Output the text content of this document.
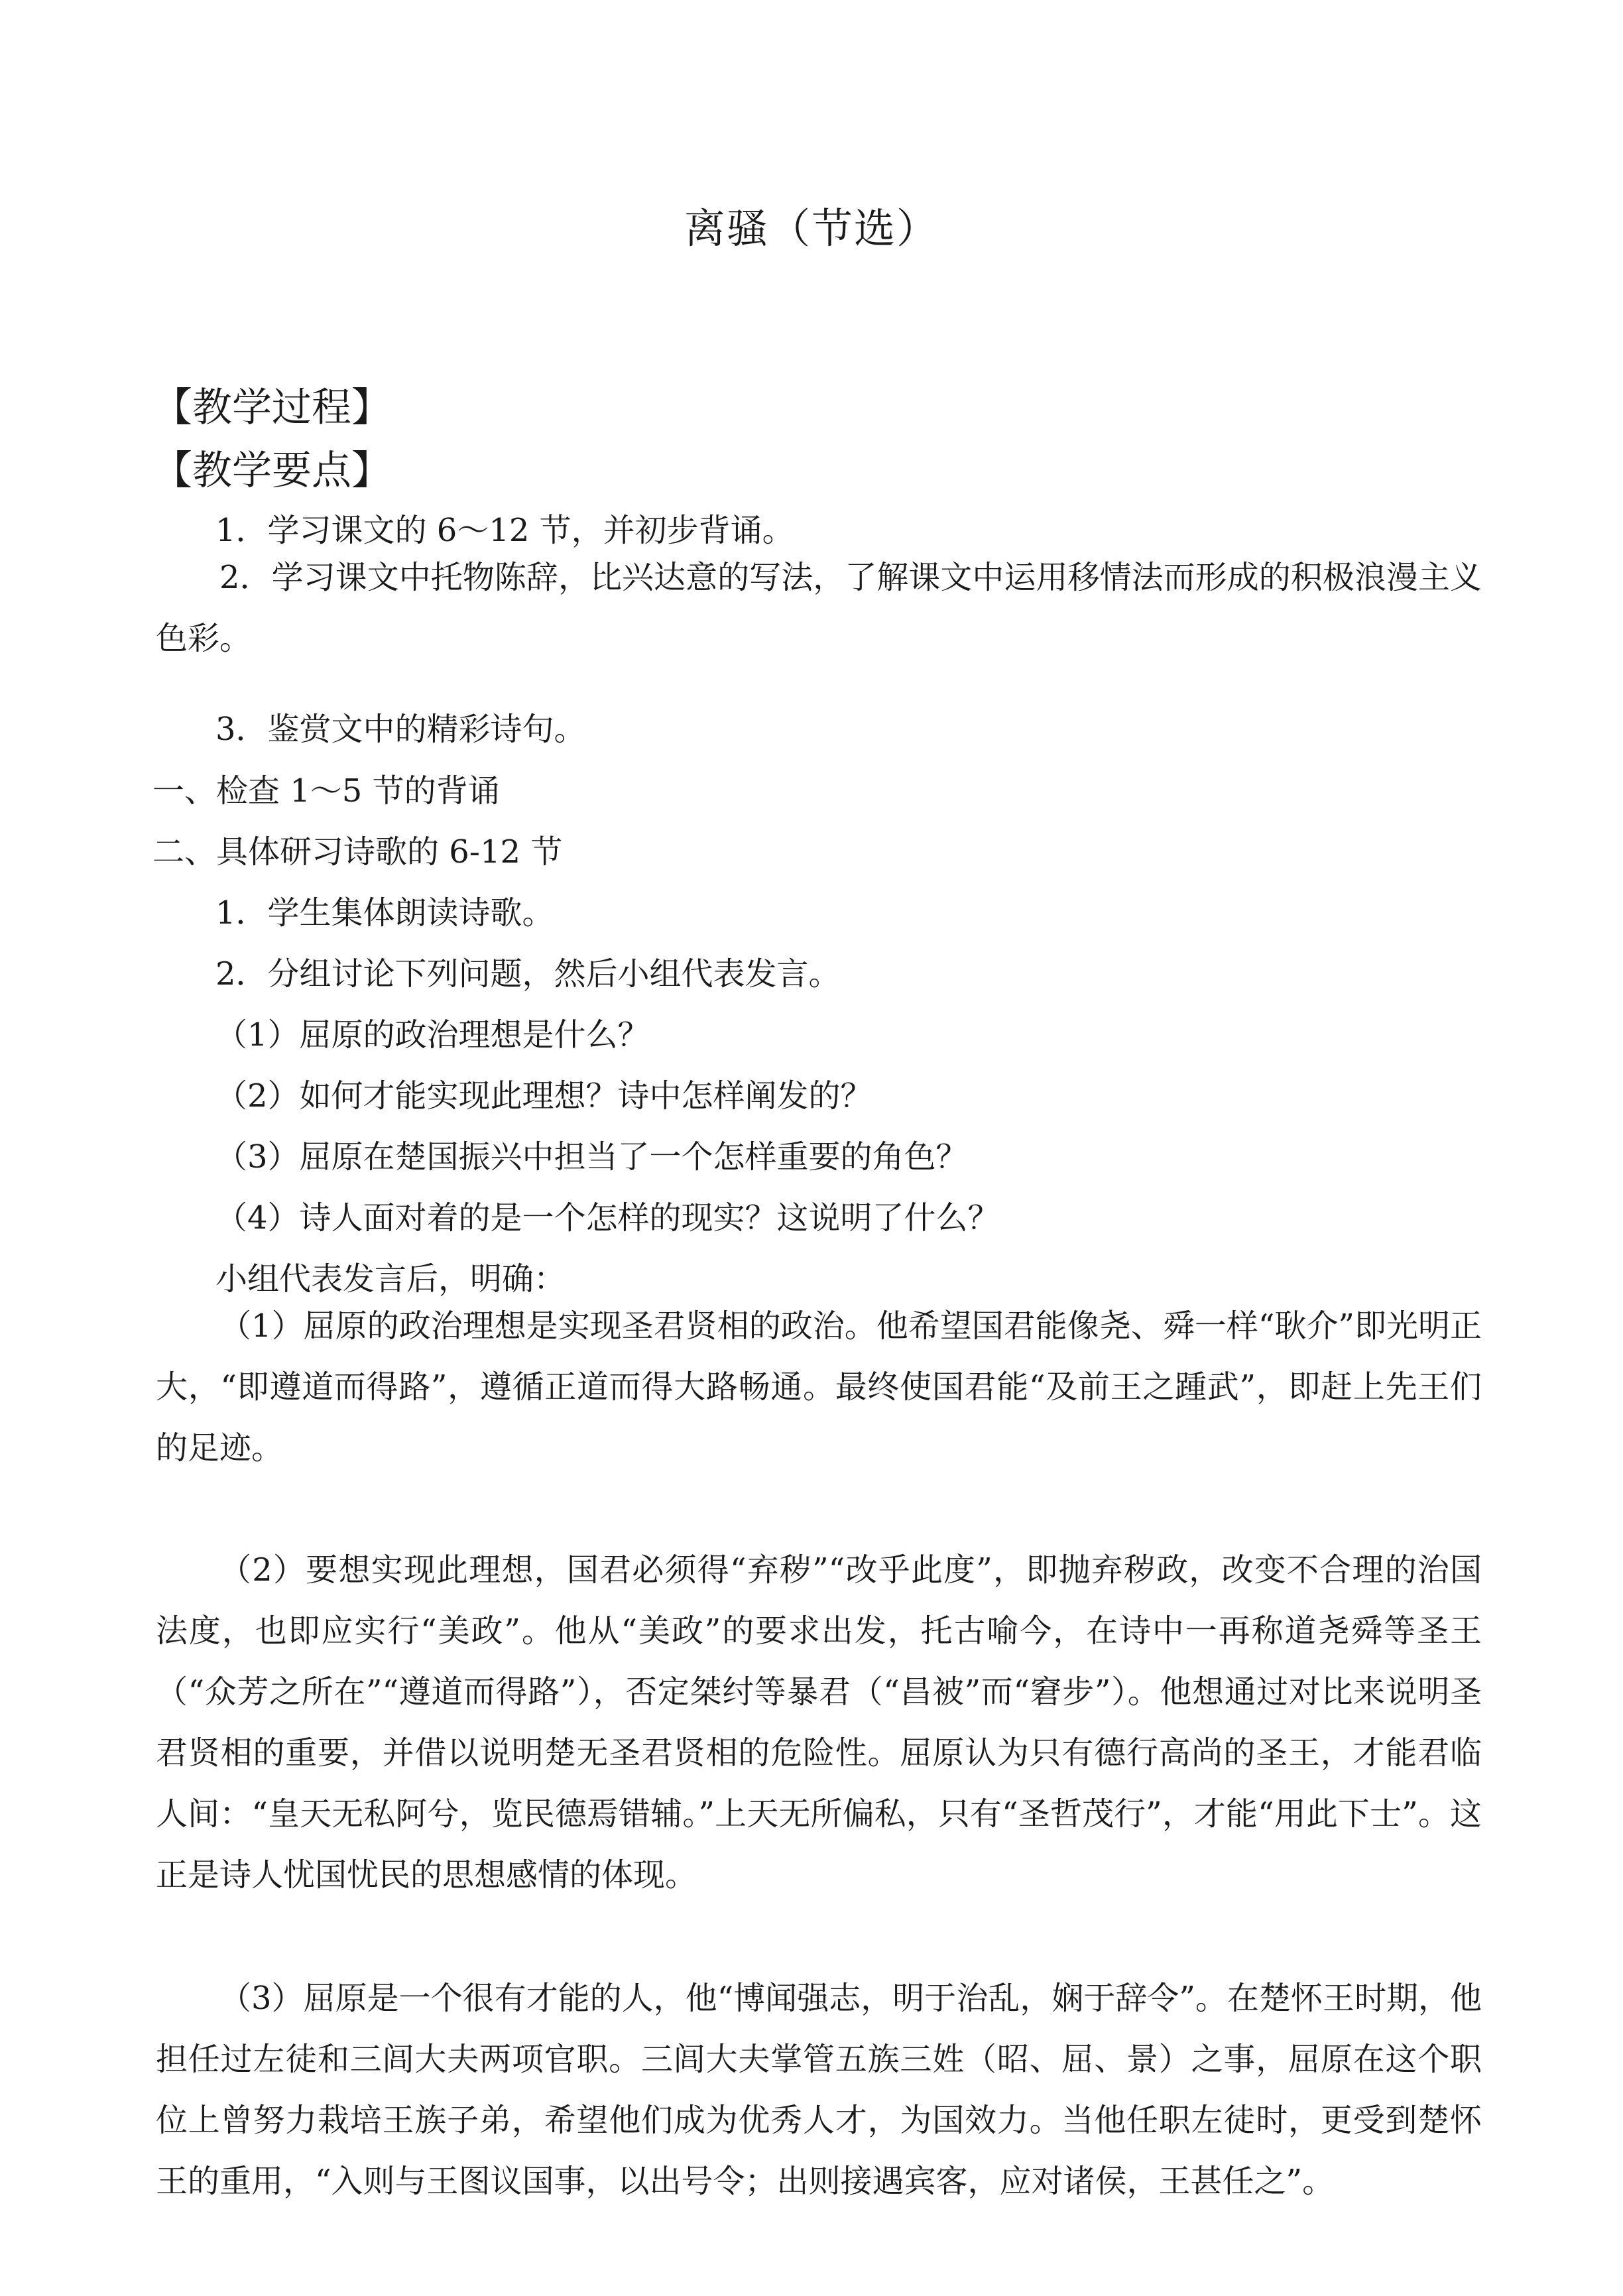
离骚（节选）
【教学过程】
【教学要点】
1．学习课文的 6～12 节，并初步背诵。
2．学习课文中托物陈辞，比兴达意的写法，了解课文中运用移情法而形成的积极浪漫主义色彩。
3．鉴赏文中的精彩诗句。
一、检查 1～5 节的背诵
二、具体研习诗歌的 6-12 节
1．学生集体朗读诗歌。
2．分组讨论下列问题，然后小组代表发言。
（1）屈原的政治理想是什么？
（2）如何才能实现此理想？诗中怎样阐发的？
（3）屈原在楚国振兴中担当了一个怎样重要的角色？
（4）诗人面对着的是一个怎样的现实？这说明了什么？
小组代表发言后，明确：
（1）屈原的政治理想是实现圣君贤相的政治。他希望国君能像尧、舜一样“耿介”即光明正大，“即遵道而得路”，遵循正道而得大路畅通。最终使国君能“及前王之踵武”，即赶上先王们的足迹。
（2）要想实现此理想，国君必须得“弃秽”“改乎此度”，即抛弃秽政，改变不合理的治国法度，也即应实行“美政”。他从“美政”的要求出发，托古喻今，在诗中一再称道尧舜等圣王（“众芳之所在”“遵道而得路”），否定桀纣等暴君（“昌被”而“窘步”）。他想通过对比来说明圣君贤相的重要，并借以说明楚无圣君贤相的危险性。屈原认为只有德行高尚的圣王，才能君临人间：“皇天无私阿兮，览民德焉错辅。”上天无所偏私，只有“圣哲茂行”，才能“用此下士”。这正是诗人忧国忧民的思想感情的体现。
（3）屈原是一个很有才能的人，他“博闻强志，明于治乱，娴于辞令”。在楚怀王时期，他担任过左徒和三闾大夫两项官职。三闾大夫掌管五族三姓（昭、屈、景）之事，屈原在这个职位上曾努力栽培王族子弟，希望他们成为优秀人才，为国效力。当他任职左徒时，更受到楚怀王的重用，“入则与王图议国事，以出号令；出则接遇宾客，应对诸侯，王甚任之”。
